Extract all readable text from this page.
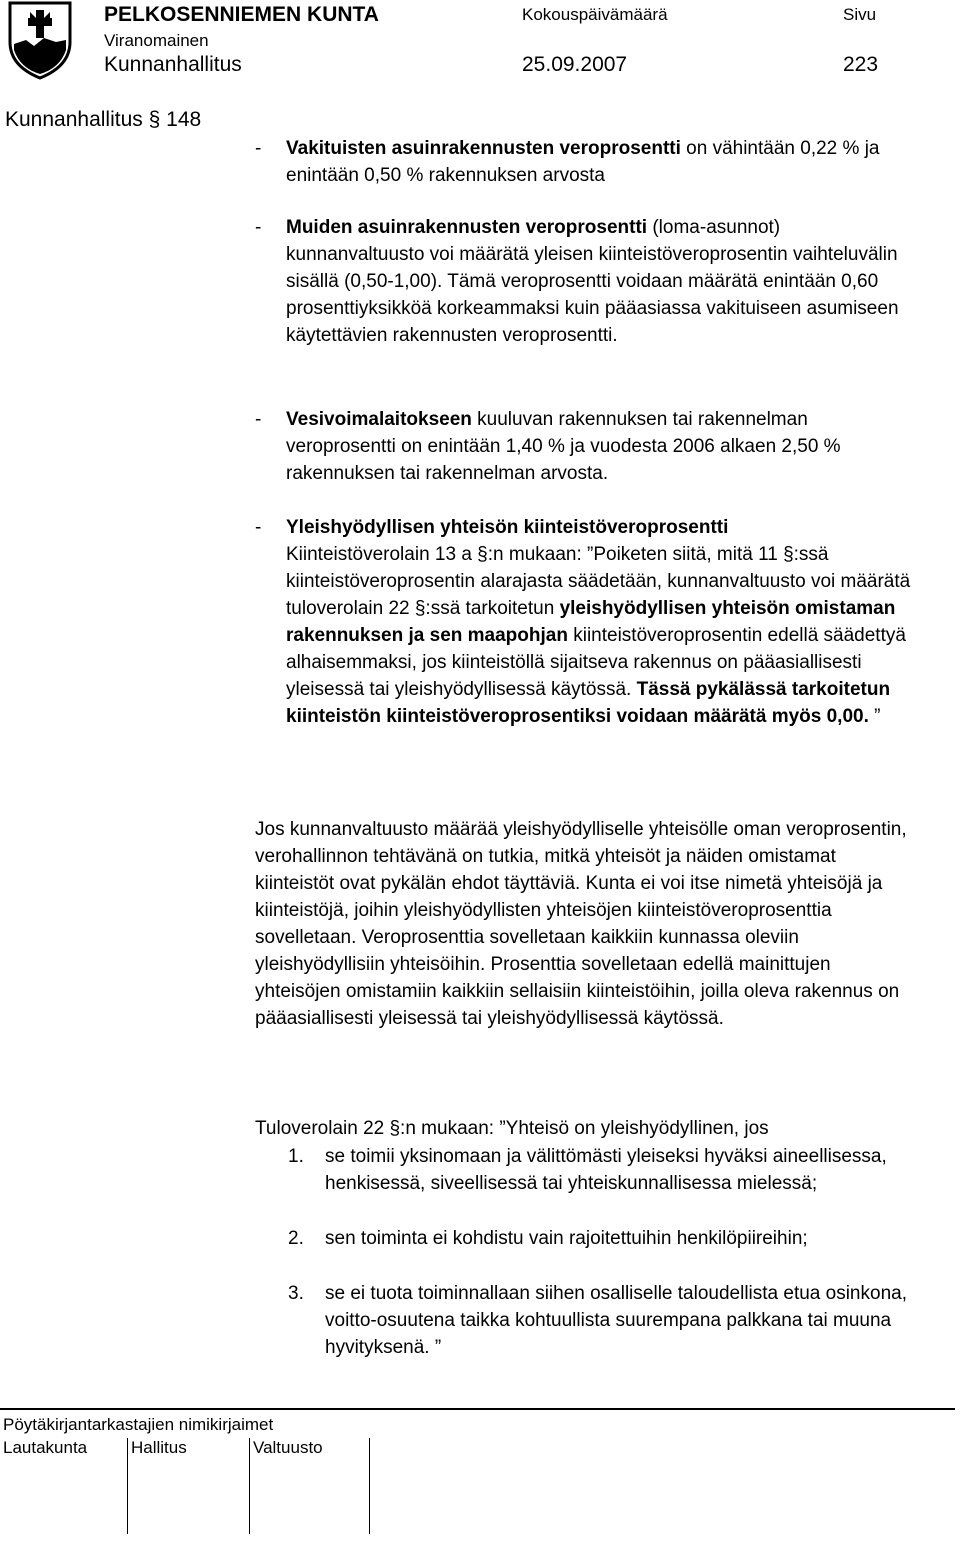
PELKOSENNIEMEN KUNTA
Viranomainen
Kunnanhallitus
Kokouspäivämäärä
25.09.2007
Sivu
223
Kunnanhallitus § 148
- Vakituisten asuinrakennusten veroprosentti on vähintään 0,22 % ja enintään 0,50 % rakennuksen arvosta
- Muiden asuinrakennusten veroprosentti (loma-asunnot) kunnanvaltuusto voi määrätä yleisen kiinteistöveroprosentin vaihteluvälin sisällä (0,50-1,00). Tämä veroprosentti voidaan määrätä enintään 0,60 prosenttiyksikköä korkeammaksi kuin pääasiassa vakituiseen asumiseen käytettävien rakennusten veroprosentti.
- Vesivoimalaitokseen kuuluvan rakennuksen tai rakennelman veroprosentti on enintään 1,40 % ja vuodesta 2006 alkaen 2,50 % rakennuksen tai rakennelman arvosta.
- Yleishyödyllisen yhteisön kiinteistöveroprosentti

Kiinteistöverolain 13 a §:n mukaan: ”Poiketen siitä, mitä 11 §:ssä kiinteistöveroprosentin alarajasta säädetään, kunnanvaltuusto voi määrätä tuloverolain 22 §:ssä tarkoitetun yleishyödyllisen yhteisön omistaman rakennuksen ja sen maapohjan kiinteistöveroprosentin edellä säädettyä alhaisemmaksi, jos kiinteistöllä sijaitseva rakennus on pääasiallisesti yleisessä tai yleishyödyllisessä käytössä. Tässä pykälässä tarkoitetun kiinteistön kiinteistöveroprosentiksi voidaan määrätä myös 0,00. ”

Jos kunnanvaltuusto määrää yleishyödylliselle yhteisölle oman veroprosentin, verohallinnon tehtävänä on tutkia, mitkä yhteisöt ja näiden omistamat kiinteistöt ovat pykälän ehdot täyttäviä. Kunta ei voi itse nimetä yhteisöjä ja kiinteistöjä, joihin yleishyödyllisten yhteisöjen kiinteistöveroprosenttia sovelletaan. Veroprosenttia sovelletaan kaikkiin kunnassa oleviin yleishyödyllisiin yhteisöihin. Prosenttia sovelletaan edellä mainittujen yhteisöjen omistamiin kaikkiin sellaisiin kiinteistöihin, joilla oleva rakennus on pääasiallisesti yleisessä tai yleishyödyllisessä käytössä.
Tuloverolain 22 §:n mukaan: ”Yhteisö on yleishyödyllinen, jos
1. se toimii yksinomaan ja välittömästi yleiseksi hyväksi aineellisessa, henkisessä, siveellisessä tai yhteiskunnallisessa mielessä;
2. sen toiminta ei kohdistu vain rajoitettuihin henkilöpiireihin;
3. se ei tuota toiminnallaan siihen osalliselle taloudellista etua osinkona, voitto-osuutena taikka kohtuullista suurempana palkkana tai muuna hyvityksenä. ”
Pöytäkirjantarkastajien nimikirjaimet
Lautakunta	Hallitus	Valtuusto
